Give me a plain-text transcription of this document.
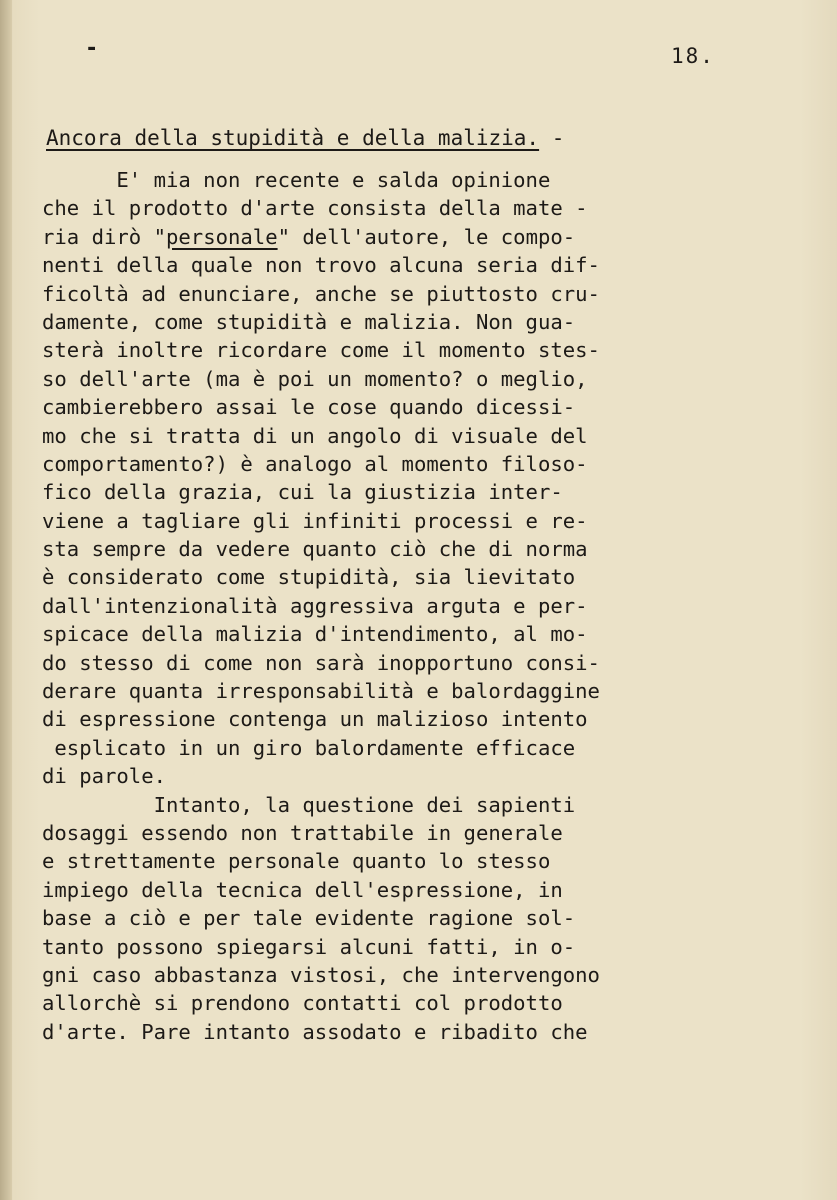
-	18.
Ancora della stupidità e della malizia. -
E' mia non recente e salda opinione
che il prodotto d'arte consista della mate -
ria dirò "personale" dell'autore, le compo-
nenti della quale non trovo alcuna seria dif-
ficoltà ad enunciare, anche se piuttosto cru-
damente, come stupidità e malizia. Non gua-
sterà inoltre ricordare come il momento stes-
so dell'arte (ma è poi un momento? o meglio,
cambierebbero assai le cose quando dicessi-
mo che si tratta di un angolo di visuale del
comportamento?) è analogo al momento filoso-
fico della grazia, cui la giustizia inter-
viene a tagliare gli infiniti processi e re-
sta sempre da vedere quanto ciò che di norma
è considerato come stupidità, sia lievitato
dall'intenzionalità aggressiva arguta e per-
spicace della malizia d'intendimento, al mo-
do stesso di come non sarà inopportuno consi-
derare quanta irresponsabilità e balordaggine
di espressione contenga un malizioso intento
esplicato in un giro balordamente efficace
di parole.
Intanto, la questione dei sapienti
dosaggi essendo non trattabile in generale
e strettamente personale quanto lo stesso
impiego della tecnica dell'espressione, in
base a ciò e per tale evidente ragione sol-
tanto possono spiegarsi alcuni fatti, in o-
gni caso abbastanza vistosi, che intervengono
allorchè si prendono contatti col prodotto
d'arte. Pare intanto assodato e ribadito che
